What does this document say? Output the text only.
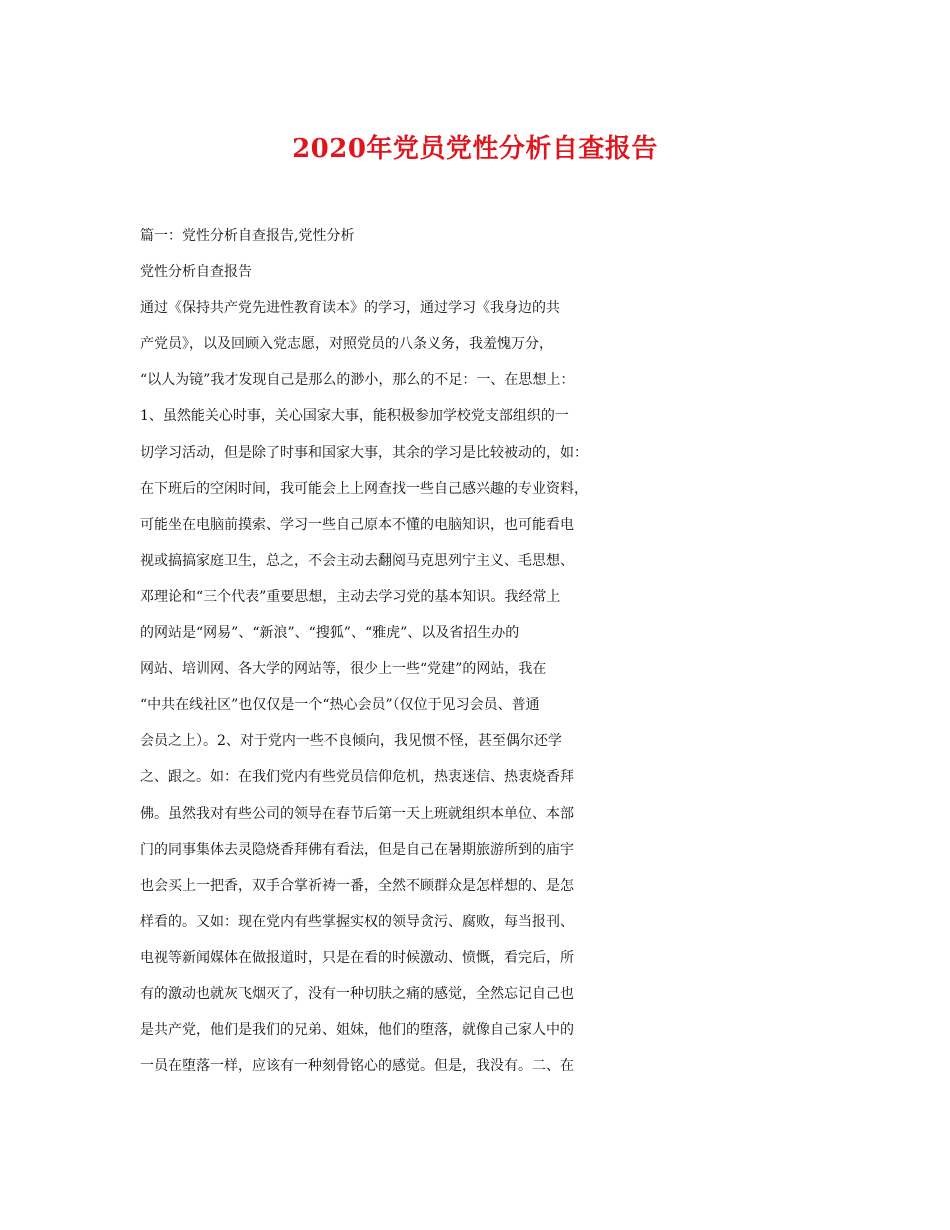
2020年党员党性分析自查报告
篇一：党性分析自查报告,党性分析
党性分析自查报告
通过《保持共产党先进性教育读本》的学习，通过学习《我身边的共
产党员》，以及回顾入党志愿，对照党员的八条义务，我羞愧万分，
“以人为镜”我才发现自己是那么的渺小，那么的不足：一、在思想上：
1、虽然能关心时事，关心国家大事，能积极参加学校党支部组织的一
切学习活动，但是除了时事和国家大事，其余的学习是比较被动的，如：
在下班后的空闲时间，我可能会上上网查找一些自己感兴趣的专业资料，
可能坐在电脑前摸索、学习一些自己原本不懂的电脑知识，也可能看电
视或搞搞家庭卫生，总之，不会主动去翻阅马克思列宁主义、毛思想、
邓理论和“三个代表”重要思想，主动去学习党的基本知识。我经常上
的网站是“网易”、“新浪”、“搜狐”、“雅虎”、以及省招生办的
网站、培训网、各大学的网站等，很少上一些“党建”的网站，我在
“中共在线社区”也仅仅是一个“热心会员”（仅位于见习会员、普通
会员之上）。2、对于党内一些不良倾向，我见惯不怪，甚至偶尔还学
之、跟之。如：在我们党内有些党员信仰危机，热衷迷信、热衷烧香拜
佛。虽然我对有些公司的领导在春节后第一天上班就组织本单位、本部
门的同事集体去灵隐烧香拜佛有看法，但是自己在暑期旅游所到的庙宇
也会买上一把香，双手合掌祈祷一番，全然不顾群众是怎样想的、是怎
样看的。又如：现在党内有些掌握实权的领导贪污、腐败，每当报刊、
电视等新闻媒体在做报道时，只是在看的时候激动、愤慨，看完后，所
有的激动也就灰飞烟灭了，没有一种切肤之痛的感觉，全然忘记自己也
是共产党，他们是我们的兄弟、姐妹，他们的堕落，就像自己家人中的
一员在堕落一样，应该有一种刻骨铭心的感觉。但是，我没有。二、在
